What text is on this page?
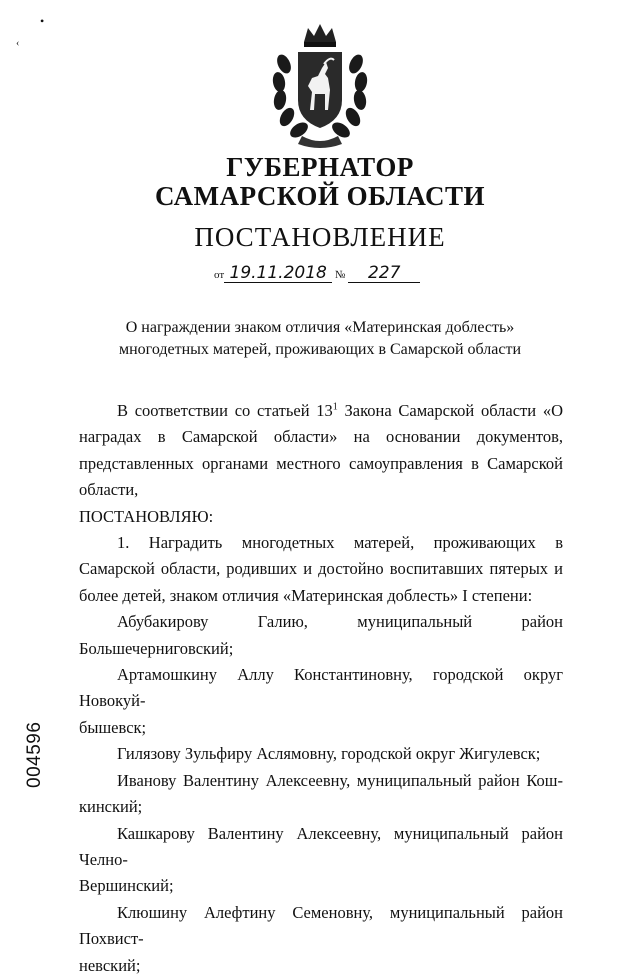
•
‹
ГУБЕРНАТОР
САМАРСКОЙ ОБЛАСТИ
ПОСТАНОВЛЕНИЕ
от 19.11.2018 № 227
О награждении знаком отличия «Материнская доблесть»
многодетных матерей, проживающих в Самарской области

В соответствии со статьей $13^1$ Закона Самарской области «О наградах в Самарской области» на основании документов, представленных органами местного самоуправления в Самарской области,

ПОСТАНОВЛЯЮ:

1. Наградить многодетных матерей, проживающих в Самарской области, родивших и достойно воспитавших пятерых и более детей, знаком отличия «Материнская доблесть» I степени:

Абубакирову Галию, муниципальный район Большечерниговский;

Артамошкину Аллу Константиновну, городской округ Новокуй-

бышевск;

Гилязову Зульфиру Аслямовну, городской округ Жигулевск;

Иванову Валентину Алексеевну, муниципальный район Кош-

кинский;

Кашкарову Валентину Алексеевну, муниципальный район Челно-

Вершинский;

Клюшину Алефтину Семеновну, муниципальный район Похвист-

невский;

004596
